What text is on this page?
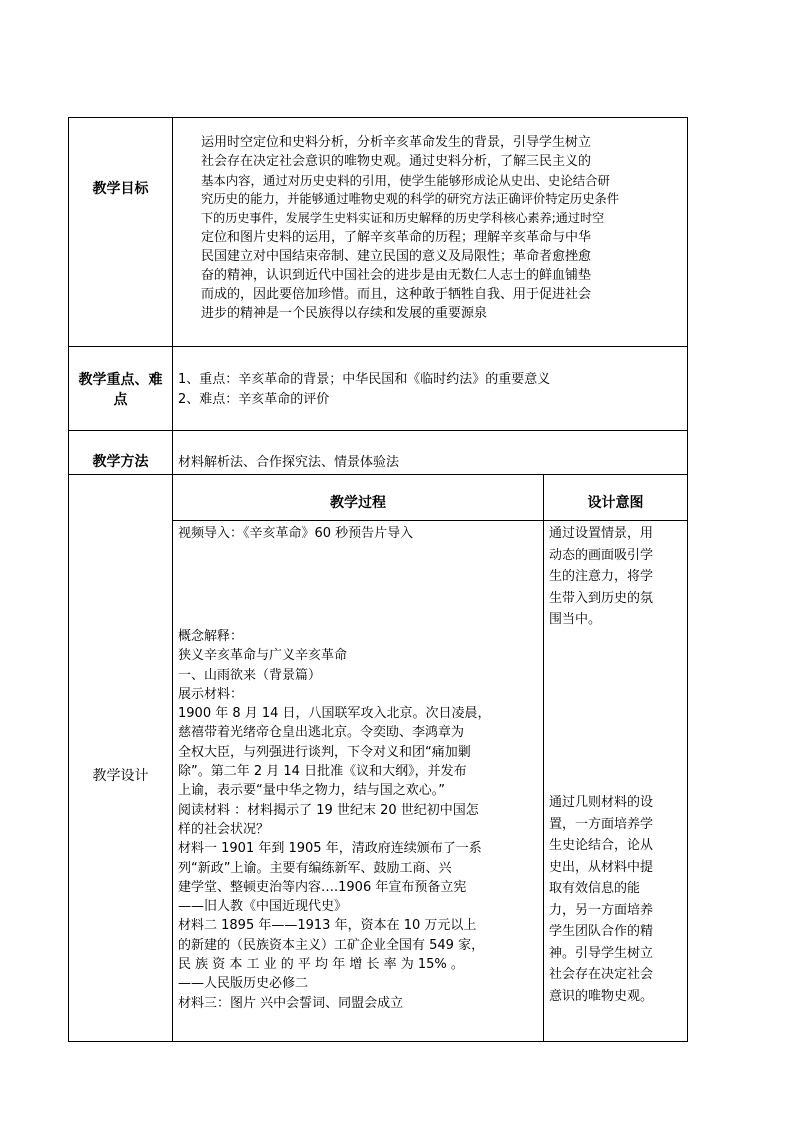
教学目标

运用时空定位和史料分析，分析辛亥革命发生的背景，引导学生树立

社会存在决定社会意识的唯物史观。通过史料分析，了解三民主义的

基本内容，通过对历史史料的引用，使学生能够形成论从史出、史论结合研

究历史的能力，并能够通过唯物史观的科学的研究方法正确评价特定历史条件

下的历史事件，发展学生史料实证和历史解释的历史学科核心素养;通过时空

定位和图片史料的运用，了解辛亥革命的历程；理解辛亥革命与中华

民国建立对中国结束帝制、建立民国的意义及局限性；革命者愈挫愈

奋的精神，认识到近代中国社会的进步是由无数仁人志士的鲜血铺垫

而成的，因此要倍加珍惜。而且，这种敢于牺牲自我、用于促进社会

进步的精神是一个民族得以存续和发展的重要源泉

教学重点、难
点

1、重点：辛亥革命的背景；中华民国和《临时约法》的重要意义

2、难点：辛亥革命的评价

教学方法	材料解析法、合作探究法、情景体验法
教学设计
教学过程	设计意图

视频导入：《辛亥革命》60 秒预告片导入

概念解释：

狭义辛亥革命与广义辛亥革命

一、山雨欲来（背景篇）

展示材料：

1900 年 8 月 14 日，八国联军攻入北京。次日凌晨，

慈禧带着光绪帝仓皇出逃北京。令奕劻、李鸿章为

全权大臣，与列强进行谈判，下令对义和团“痛加剿

除”。第二年 2 月 14 日批准《议和大纲》，并发布

上谕，表示要“量中华之物力，结与国之欢心。”

阅读材料 ：材料揭示了 19 世纪末 20 世纪初中国怎

样的社会状况？

材料一 1901 年到 1905 年，清政府连续颁布了一系

列“新政”上谕。主要有编练新军、鼓励工商、兴

建学堂、整顿吏治等内容….1906 年宣布预备立宪

——旧人教《中国近现代史》

材料二 1895 年——1913 年，资本在 10 万元以上

的新建的（民族资本主义）工矿企业全国有 549 家，

民 族 资 本 工 业 的 平 均 年 增 长 率 为 15% 。

——人民版历史必修二

材料三：图片 兴中会誓词、同盟会成立

通过设置情景，用

动态的画面吸引学

生的注意力，将学

生带入到历史的氛

围当中。

通过几则材料的设

置，一方面培养学

生史论结合，论从

史出，从材料中提

取有效信息的能

力，另一方面培养

学生团队合作的精

神。引导学生树立

社会存在决定社会

意识的唯物史观。
